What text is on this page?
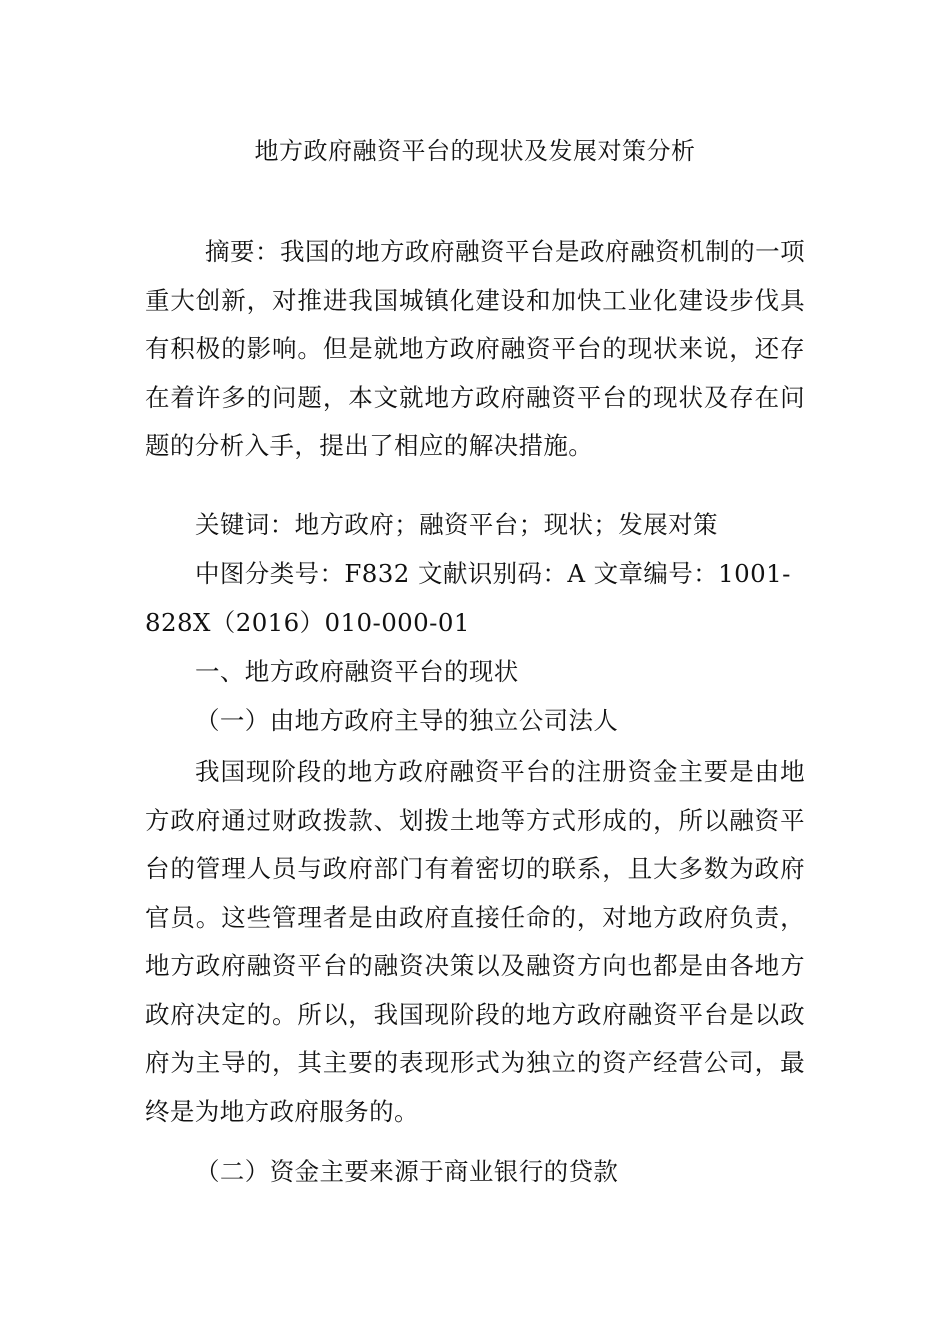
地方政府融资平台的现状及发展对策分析
摘要：我国的地方政府融资平台是政府融资机制的一项重大创新，对推进我国城镇化建设和加快工业化建设步伐具有积极的影响。但是就地方政府融资平台的现状来说，还存在着许多的问题，本文就地方政府融资平台的现状及存在问题的分析入手，提出了相应的解决措施。
关键词：地方政府；融资平台；现状；发展对策
中图分类号：F832 文献识别码：A 文章编号：1001-
828X（2016）010-000-01
一、地方政府融资平台的现状
（一）由地方政府主导的独立公司法人
我国现阶段的地方政府融资平台的注册资金主要是由地方政府通过财政拨款、划拨土地等方式形成的，所以融资平台的管理人员与政府部门有着密切的联系，且大多数为政府官员。这些管理者是由政府直接任命的，对地方政府负责，地方政府融资平台的融资决策以及融资方向也都是由各地方政府决定的。所以，我国现阶段的地方政府融资平台是以政府为主导的，其主要的表现形式为独立的资产经营公司，最终是为地方政府服务的。
（二）资金主要来源于商业银行的贷款
